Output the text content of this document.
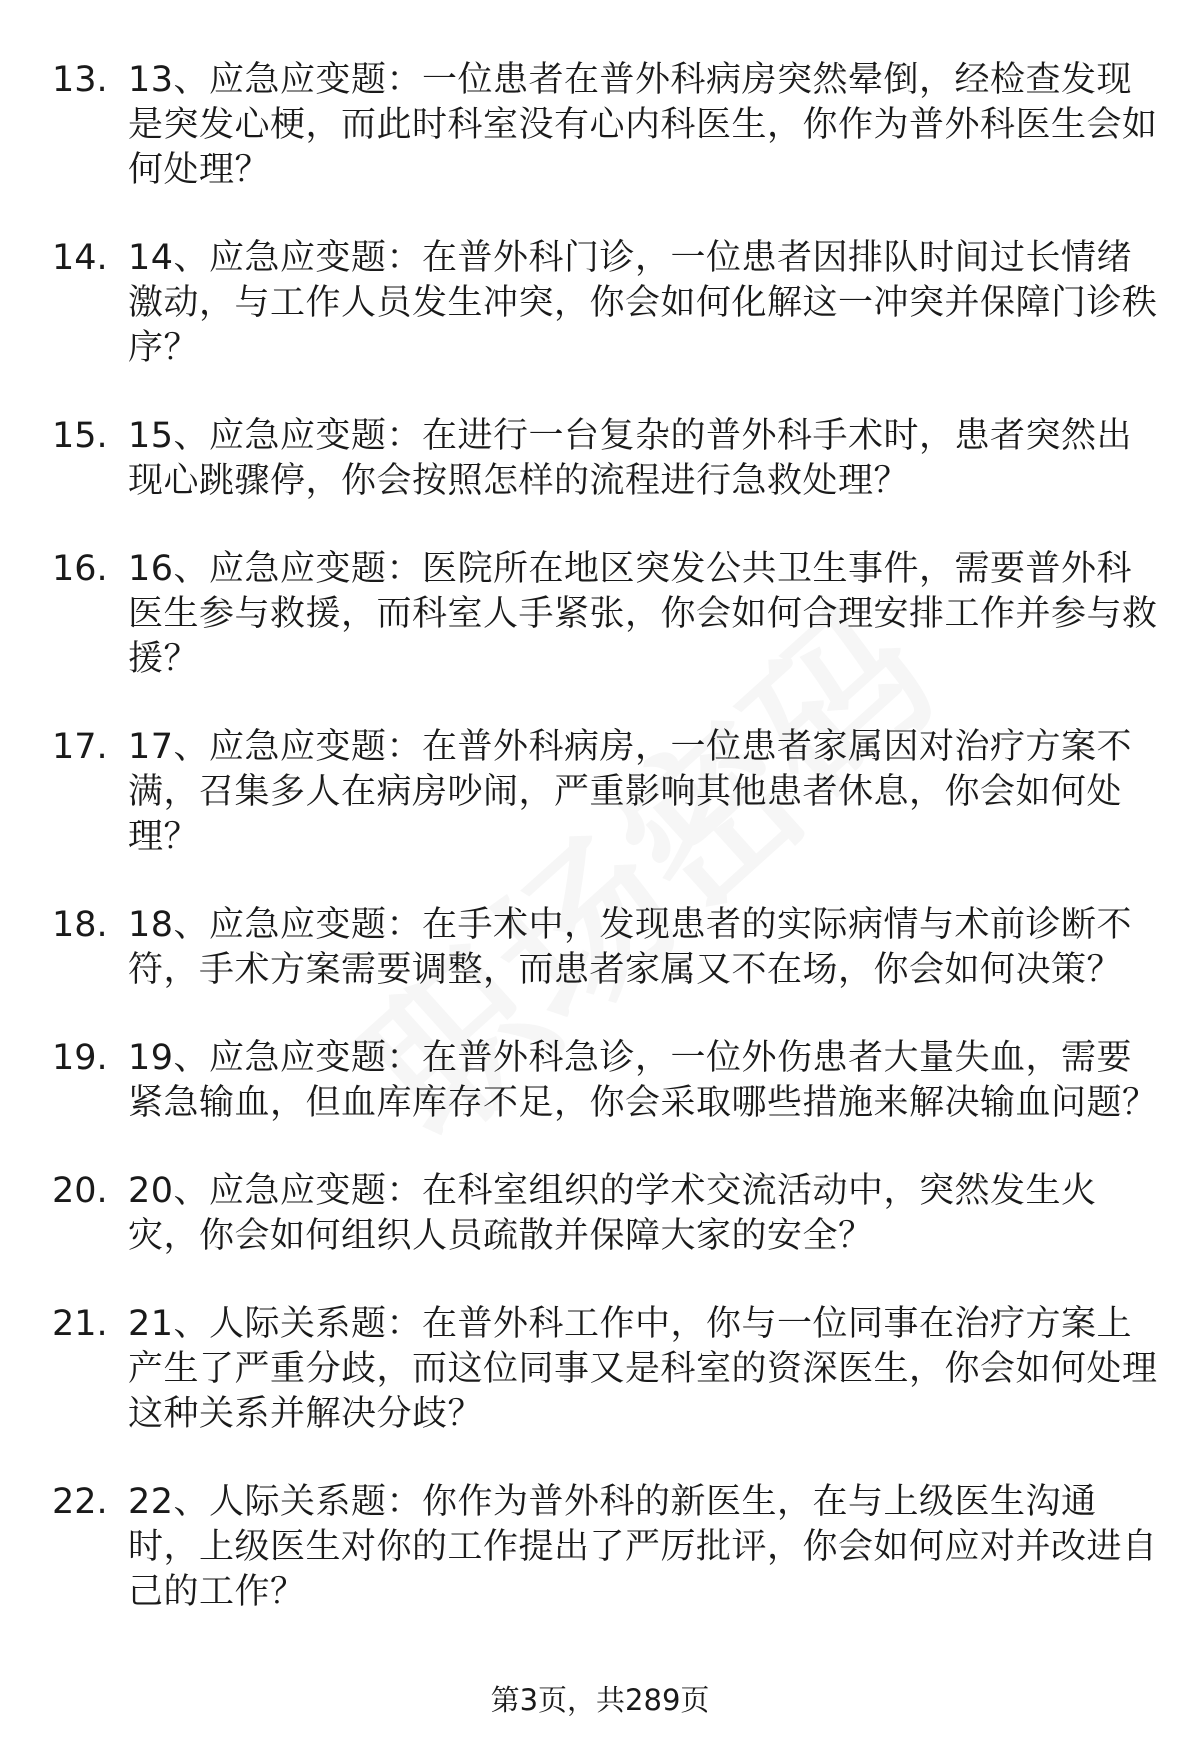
13. 13、应急应变题：一位患者在普外科病房突然晕倒，经检查发现是突发心梗，而此时科室没有心内科医生，你作为普外科医生会如何处理？
14. 14、应急应变题：在普外科门诊，一位患者因排队时间过长情绪激动，与工作人员发生冲突，你会如何化解这一冲突并保障门诊秩序？
15. 15、应急应变题：在进行一台复杂的普外科手术时，患者突然出现心跳骤停，你会按照怎样的流程进行急救处理？
16. 16、应急应变题：医院所在地区突发公共卫生事件，需要普外科医生参与救援，而科室人手紧张，你会如何合理安排工作并参与救援？
17. 17、应急应变题：在普外科病房，一位患者家属因对治疗方案不满，召集多人在病房吵闹，严重影响其他患者休息，你会如何处理？
18. 18、应急应变题：在手术中，发现患者的实际病情与术前诊断不符，手术方案需要调整，而患者家属又不在场，你会如何决策？
19. 19、应急应变题：在普外科急诊，一位外伤患者大量失血，需要紧急输血，但血库库存不足，你会采取哪些措施来解决输血问题？
20. 20、应急应变题：在科室组织的学术交流活动中，突然发生火灾，你会如何组织人员疏散并保障大家的安全？
21. 21、人际关系题：在普外科工作中，你与一位同事在治疗方案上产生了严重分歧，而这位同事又是科室的资深医生，你会如何处理这种关系并解决分歧？
22. 22、人际关系题：你作为普外科的新医生，在与上级医生沟通时，上级医生对你的工作提出了严厉批评，你会如何应对并改进自己的工作？
第3页，共289页
